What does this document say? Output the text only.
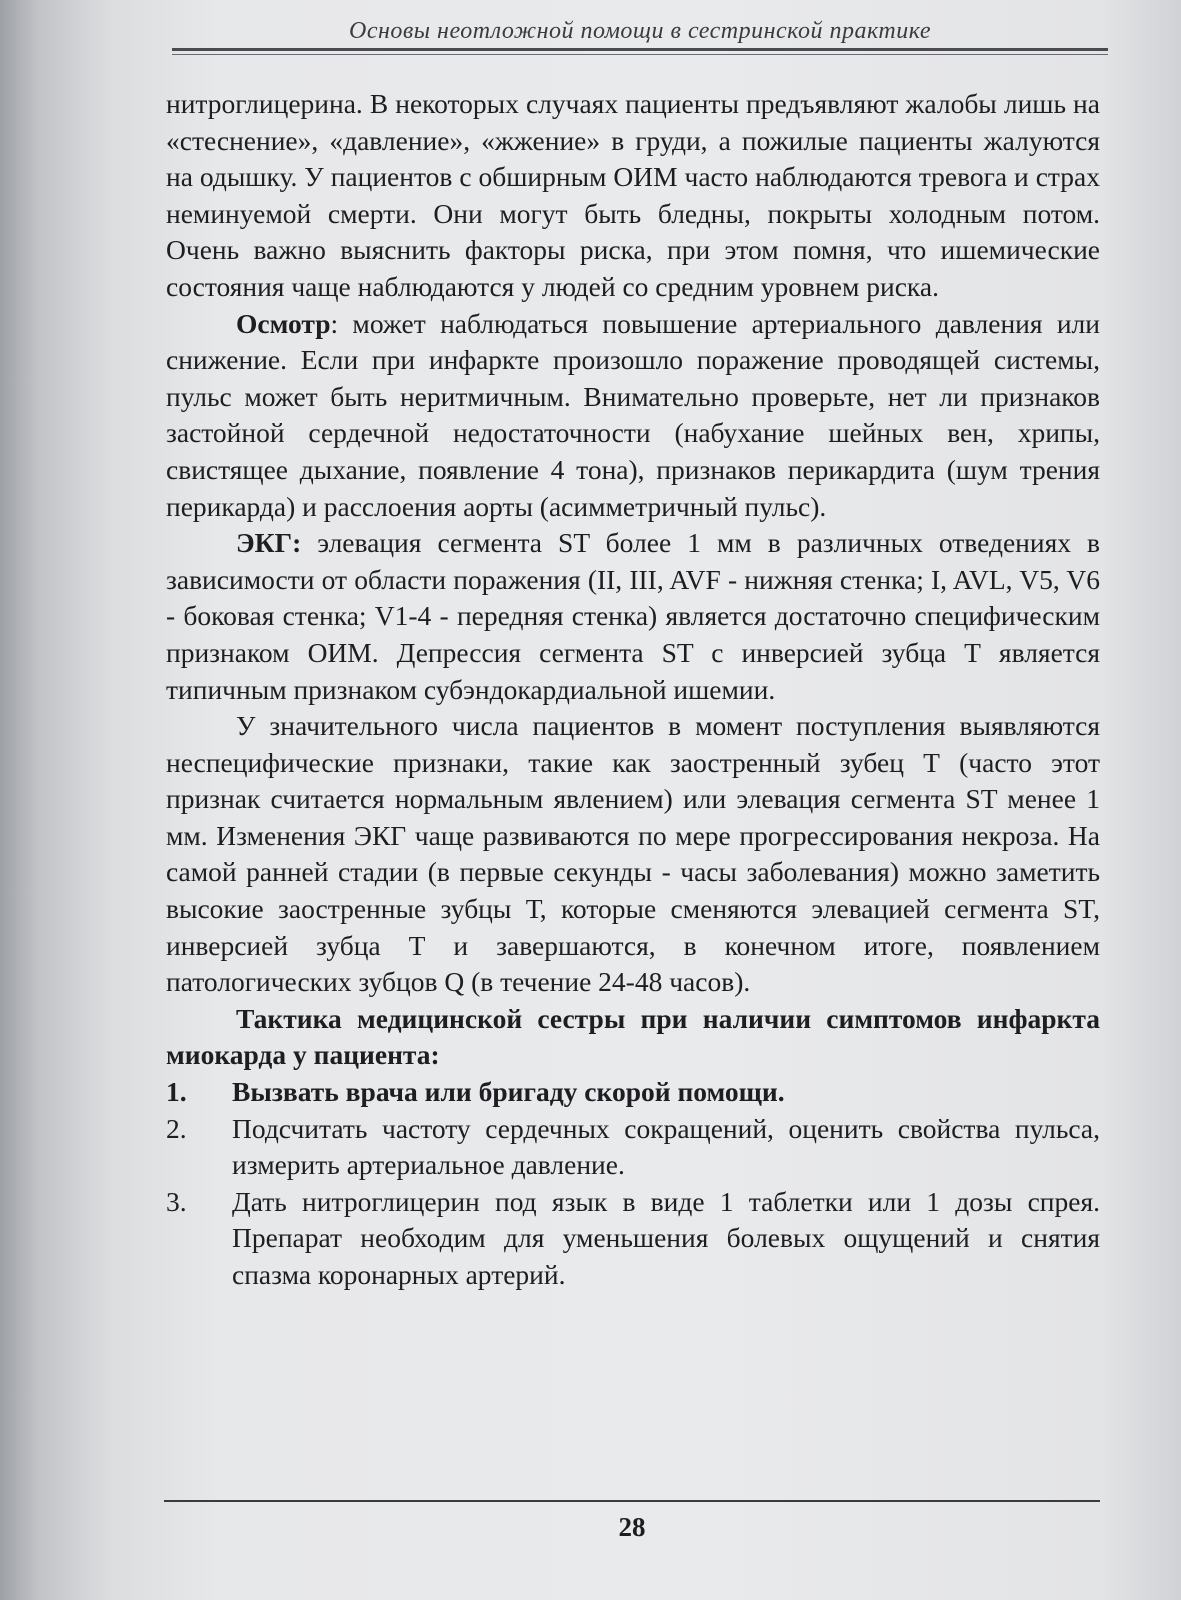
Основы неотложной помощи в сестринской практике

нитроглицерина. В некоторых случаях пациенты предъявляют жалобы лишь на «стеснение», «давление», «жжение» в груди, а пожилые пациенты жалуются на одышку. У пациентов с обширным ОИМ часто наблюдаются тревога и страх неминуемой смерти. Они могут быть бледны, покрыты холодным потом. Очень важно выяснить факторы риска, при этом помня, что ишемические состояния чаще наблюдаются у людей со средним уровнем риска.

Осмотр: может наблюдаться повышение артериального давления или снижение. Если при инфаркте произошло поражение проводящей системы, пульс может быть неритмичным. Внимательно проверьте, нет ли признаков застойной сердечной недостаточности (набухание шейных вен, хрипы, свистящее дыхание, появление 4 тона), признаков перикардита (шум трения перикарда) и расслоения аорты (асимметричный пульс).

ЭКГ: элевация сегмента ST более 1 мм в различных отведениях в зависимости от области поражения (II, III, AVF - нижняя стенка; I, AVL, V5, V6 - боковая стенка; V1-4 - передняя стенка) является достаточно специфическим признаком ОИМ. Депрессия сегмента ST с инверсией зубца Т является типичным признаком субэндокардиальной ишемии.

У значительного числа пациентов в момент поступления выявляются неспецифические признаки, такие как заостренный зубец Т (часто этот признак считается нормальным явлением) или элевация сегмента ST менее 1 мм. Изменения ЭКГ чаще развиваются по мере прогрессирования некроза. На самой ранней стадии (в первые секунды - часы заболевания) можно заметить высокие заостренные зубцы Т, которые сменяются элевацией сегмента ST, инверсией зубца Т и завершаются, в конечном итоге, появлением патологических зубцов Q (в течение 24-48 часов).

Тактика медицинской сестры при наличии симптомов инфаркта миокарда у пациента:

1.	Вызвать врача или бригаду скорой помощи.
2.	Подсчитать частоту сердечных сокращений, оценить свойства пульса, измерить артериальное давление.
3.	Дать нитроглицерин под язык в виде 1 таблетки или 1 дозы спрея. Препарат необходим для уменьшения болевых ощущений и снятия спазма коронарных артерий.
28
